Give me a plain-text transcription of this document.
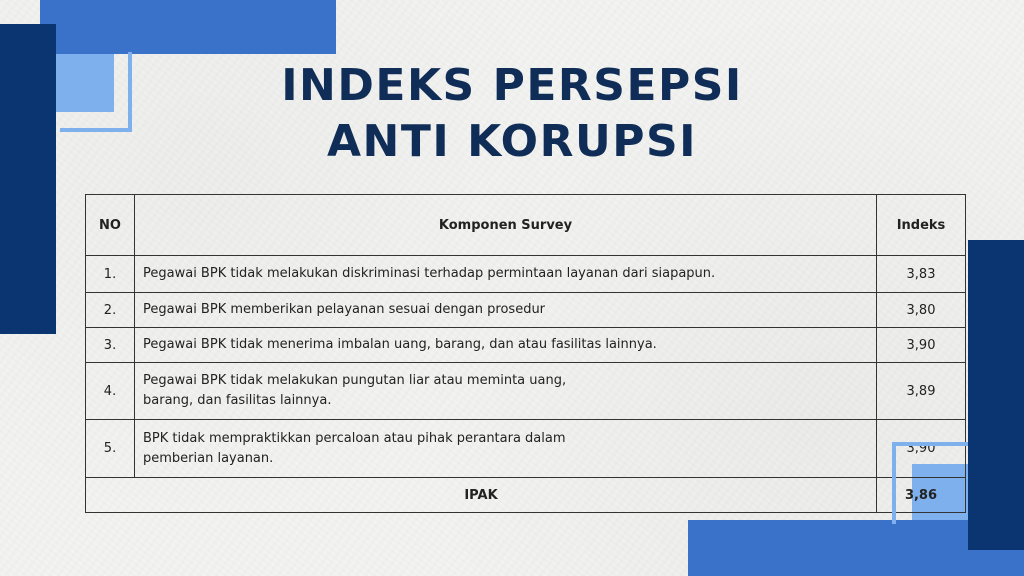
INDEKS PERSEPSI
ANTI KORUPSI
NO	Komponen Survey	Indeks
1.	Pegawai BPK tidak melakukan diskriminasi terhadap permintaan layanan dari siapapun.	3,83
2.	Pegawai BPK memberikan pelayanan sesuai dengan prosedur	3,80
3.	Pegawai BPK tidak menerima imbalan uang, barang, dan atau fasilitas lainnya.	3,90
4.	Pegawai BPK tidak melakukan pungutan liar atau meminta uang,
barang, dan fasilitas lainnya.	3,89
5.	BPK tidak mempraktikkan percaloan atau pihak perantara dalam
pemberian layanan.	3,90
IPAK		3,86
